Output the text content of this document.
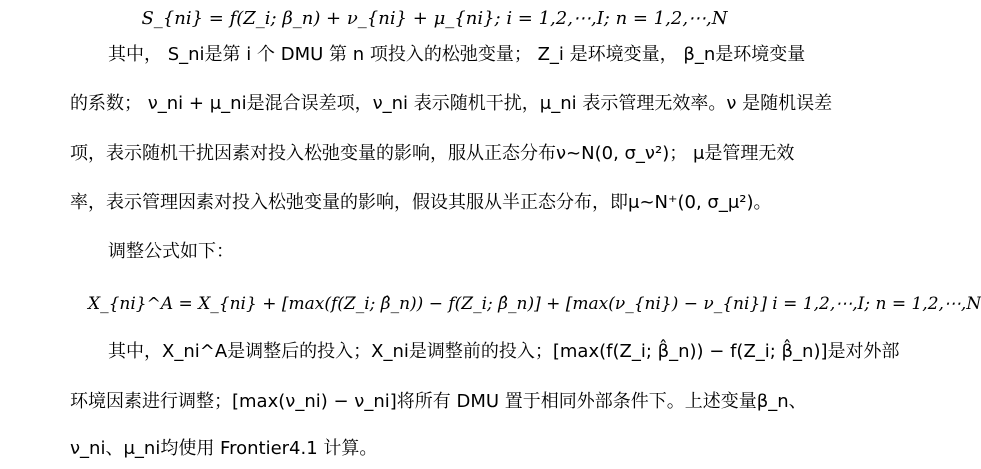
S_{ni} = f(Z_i; β_n) + ν_{ni} + μ_{ni}; i = 1,2,⋯,I; n = 1,2,⋯,N
其中， S_ni是第 i 个 DMU 第 n 项投入的松弛变量； Z_i 是环境变量， β_n是环境变量
的系数； ν_ni + μ_ni是混合误差项，ν_ni 表示随机干扰，μ_ni 表示管理无效率。ν 是随机误差
项，表示随机干扰因素对投入松弛变量的影响，服从正态分布ν~N(0, σ_ν²)； μ是管理无效
率，表示管理因素对投入松弛变量的影响，假设其服从半正态分布，即μ~N⁺(0, σ_μ²)。
调整公式如下：
X_{ni}^A = X_{ni} + [max(f(Z_i; β̂_n)) − f(Z_i; β̂_n)] + [max(ν_{ni}) − ν_{ni}] i = 1,2,⋯,I; n = 1,2,⋯,N
其中，X_ni^A是调整后的投入；X_ni是调整前的投入；[max(f(Z_i; β̂_n)) − f(Z_i; β̂_n)]是对外部
环境因素进行调整；[max(ν_ni) − ν_ni]将所有 DMU 置于相同外部条件下。上述变量β_n、
ν_ni、μ_ni均使用 Frontier4.1 计算。
